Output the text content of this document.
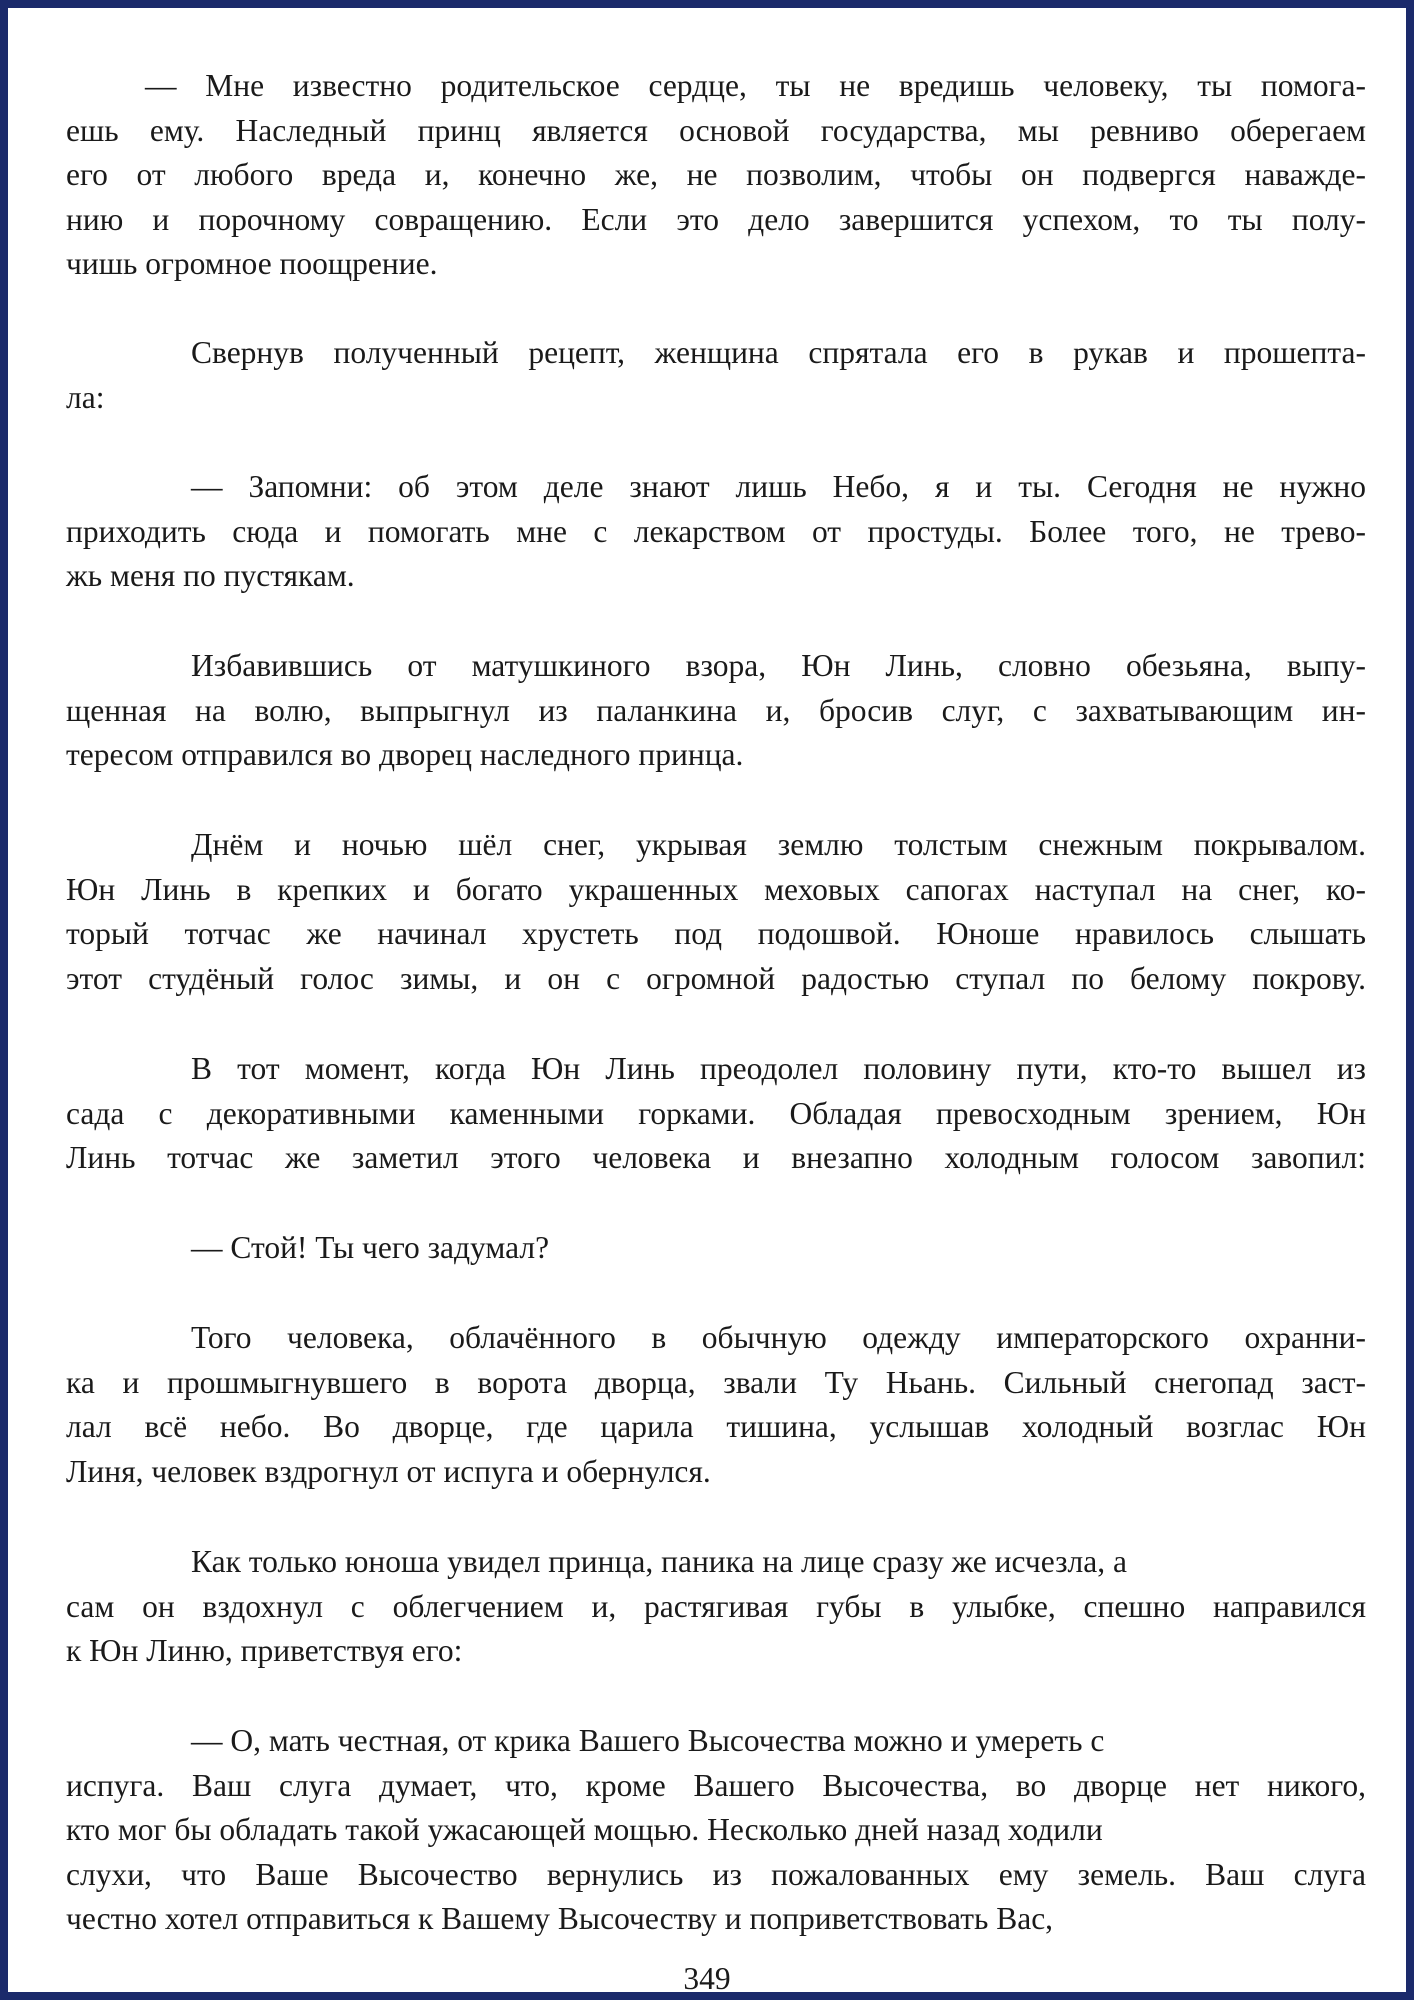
— Мне известно родительское сердце, ты не вредишь человеку, ты помога-
ешь ему. Наследный принц является основой государства, мы ревниво оберегаем
его от любого вреда и, конечно же, не позволим, чтобы он подвергся наважде-
нию и порочному совращению. Если это дело завершится успехом, то ты полу-
чишь огромное поощрение.
Свернув полученный рецепт, женщина спрятала его в рукав и прошепта-
ла:
— Запомни: об этом деле знают лишь Небо, я и ты. Сегодня не нужно
приходить сюда и помогать мне с лекарством от простуды. Более того, не трево-
жь меня по пустякам.
Избавившись от матушкиного взора, Юн Линь, словно обезьяна, выпу-
щенная на волю, выпрыгнул из паланкина и, бросив слуг, с захватывающим ин-
тересом отправился во дворец наследного принца.
Днём и ночью шёл снег, укрывая землю толстым снежным покрывалом.
Юн Линь в крепких и богато украшенных меховых сапогах наступал на снег, ко-
торый тотчас же начинал хрустеть под подошвой. Юноше нравилось слышать
этот студёный голос зимы, и он с огромной радостью ступал по белому покрову.
В тот момент, когда Юн Линь преодолел половину пути, кто-то вышел из
сада с декоративными каменными горками. Обладая превосходным зрением, Юн
Линь тотчас же заметил этого человека и внезапно холодным голосом завопил:
— Стой! Ты чего задумал?
Того человека, облачённого в обычную одежду императорского охранни-
ка и прошмыгнувшего в ворота дворца, звали Ту Ньань. Сильный снегопад заст-
лал всё небо. Во дворце, где царила тишина, услышав холодный возглас Юн
Линя, человек вздрогнул от испуга и обернулся.
Как только юноша увидел принца, паника на лице сразу же исчезла, а
сам он вздохнул с облегчением и, растягивая губы в улыбке, спешно направился
к Юн Линю, приветствуя его:
— О, мать честная, от крика Вашего Высочества можно и умереть с
испуга. Ваш слуга думает, что, кроме Вашего Высочества, во дворце нет никого,
кто мог бы обладать такой ужасающей мощью. Несколько дней назад ходили
слухи, что Ваше Высочество вернулись из пожалованных ему земель. Ваш слуга
честно хотел отправиться к Вашему Высочеству и поприветствовать Вас,
349
